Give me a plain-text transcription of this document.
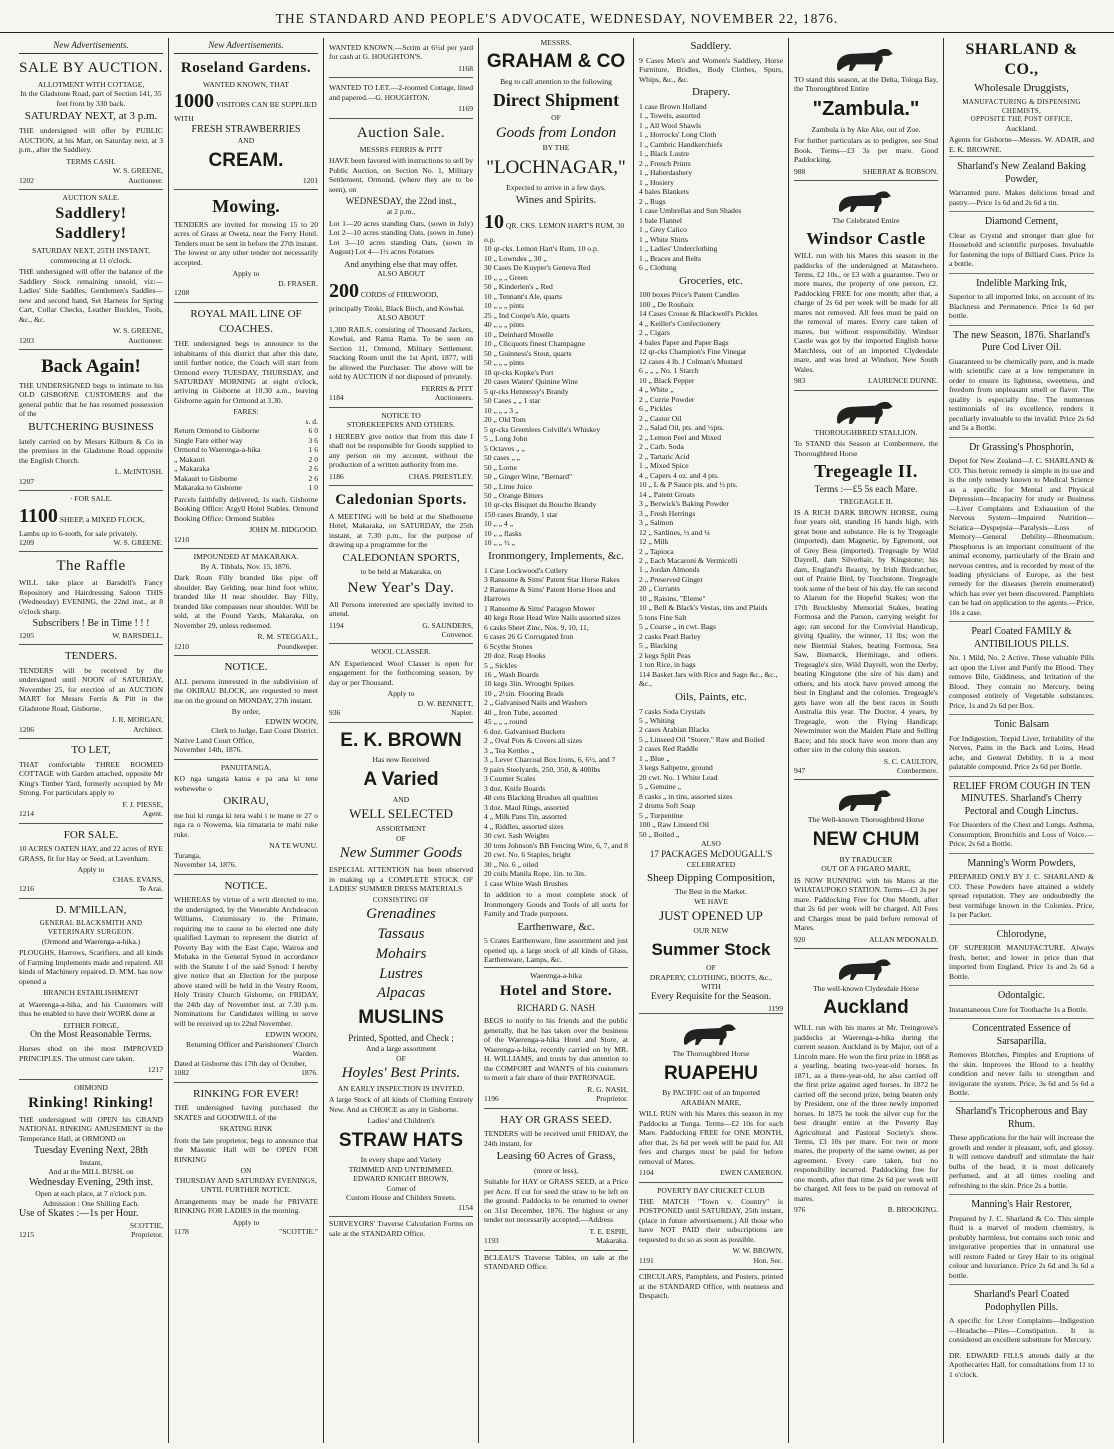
THE STANDARD AND PEOPLE'S ADVOCATE, WEDNESDAY, NOVEMBER 22, 1876.
New Advertisements.
SALE BY AUCTION.
ALLOTMENT WITH COTTAGE,
In the Gladstone Road, part of Section 141, 35 feet front by 330 back.
SATURDAY NEXT, at 3 p.m.

THE undersigned will offer by PUBLIC AUCTION, at his Mart, on Saturday next, at 3 p.m., after the Saddlery.

TERMS CASH.
W. S. GREENE,
1202	Auctioneer.
AUCTION SALE.
Saddlery! Saddlery!
SATURDAY NEXT, 25TH INSTANT,
commencing at 11 o'clock.

THE undersigned will offer the balance of the Saddlery Stock remaining unsold, viz:— Ladies' Side Saddles, Gentlemen's Saddles—new and second hand, Set Harness for Spring Cart, Collar Checks, Leather Buckles, Tools, &c., &c.

W. S. GREENE,
1203	Auctioneer.
Back Again!

THE UNDERSIGNED begs to intimate to his OLD GISBORNE CUSTOMERS and the general public that he has resumed possession of the

BUTCHERING BUSINESS

lately carried on by Messrs Kilburn & Co in the premises in the Gladstone Road opposite the English Church.

L. McINTOSH.
1207
· FOR SALE.
1100 SHEEP, a MIXED FLOCK, Lambs up to 6-tooth, for sale privately.
1209	W. S. GREENE.
The Raffle

WILL take place at Barsdell's Fancy Repository and Hairdressing Saloon THIS (Wednesday) EVENING, the 22nd inst., at 8 o'clock sharp.

Subscribers ! Be in Time ! ! !
1205	W. BARSDELL.
TENDERS.

TENDERS will be received by the undersigned until NOON of SATURDAY, November 25, for erection of an AUCTION MART for Messrs Ferris & Pitt in the Gladstone Road, Gisborne.

J. R. MORGAN,
1206	Architect.
TO LET,

THAT comfortable THREE ROOMED COTTAGE with Garden attached, opposite Mr King's Timber Yard, formerly occupied by Mr Strong. For particulars apply to

F. J. PIESSE,
1214	Agent.
FOR SALE.

10 ACRES OATEN HAY, and 22 acres of RYE GRASS, fit for Hay or Seed, at Lavenham.

Apply to
CHAS. EVANS,
1216	Te Arai.
D. M'MILLAN,
GENERAL BLACKSMITH AND VETERINARY SURGEON.
(Ormond and Waerenga-a-hika.)

PLOUGHS, Harrows, Scarifiers, and all kinds of Farming Implements made and repaired. All kinds of Machinery repaired. D. M'M. has now opened a

BRANCH ESTABLISHMENT

at Waerenga-a-hika, and his Customers will thus be enabled to have their WORK done at

EITHER FORGE,
On the Most Reasonable Terms.

Horses shod on the most IMPROVED PRINCIPLES. The utmost care taken.

1217
ORMOND
Rinking! Rinking!

THE undersigned will OPEN his GRAND NATIONAL RINKING AMUSEMENT in the Temperance Hall, at ORMOND on

Tuesday Evening Next, 28th
Instant,
And at the MILL BUSH, on
Wednesday Evening, 29th inst.
Open at each place, at 7 o'clock p.m. Admission : One Shilling Each.
Use of Skates :—1s per Hour.
SCOTTIE,
1215	Proprietor.
New Advertisements.
Roseland Gardens.
WANTED KNOWN, THAT
1000 VISITORS CAN BE SUPPLIED WITH
FRESH STRAWBERRIES
AND
CREAM.
1201
Mowing.

TENDERS are invited for mowing 15 to 20 acres of Grass at Oweta, near the Ferry Hotel. Tenders must be sent in before the 27th instant. The lowest or any other tender not necessarily accepted.

Apply to
D. FRASER.
1208
ROYAL MAIL LINE OF
COACHES.

THE undersigned begs to announce to the inhabitants of this district that after this date, until further notice, the Coach will start from Ormond every TUESDAY, THURSDAY, and SATURDAY MORNING at eight o'clock, arriving in Gisborne at 10.30 a.m., leaving Gisborne again for Ormond at 3.30.

FARES:
s. d.
Return Ormond to Gisborne	6 0
Single Fare either way	3 6
Ormond to Waerenga-a-hika	1 6
„ Makauri	2 0
„ Makaraka	2 6
Makauri to Gisborne	2 6
Makaraka to Gisborne	1 0

Parcels faithfully delivered, 1s each. Gisborne Booking Office: Argyll Hotel Stables. Ormond Booking Office: Ormond Stables

JOHN M. BIDGOOD.
1210
IMPOUNDED AT MAKARAKA.
By A. Tibbals, Nov. 15, 1876.

Dark Roan Filly branded like pipe off shoulder. Bay Gelding, near hind foot white, branded like H near shoulder. Bay Filly, branded like compasses near shoulder. Will be sold, at the Pound Yards, Makaraka, on November 29, unless redeemed.

R. M. STEGGALL,
1210	Poundkeeper.
NOTICE.

ALL persons interested in the subdivision of the OKIRAU BLOCK, are requested to meet me on the ground on MONDAY, 27th instant.

By order,
EDWIN WOON,
Clerk to Judge, East Coast District.
Native Land Court Office,
November 14th, 1876.
PANUITANGA.

KO nga tangata katoa e pa ana ki tene wehewehe o

OKIRAU,

me hui ki runga ki tera wahi i te mane te 27 o nga ra o Nowema, kia timataria te mahi ruke ruke.

NA TE WUNU.
Turanga,
November 14, 1876.
NOTICE.

WHEREAS by virtue of a writ directed to me, the undersigned, by the Venerable Archdeacon Williams, Commissary to the Primate, requiring me to cause to be elected one duly qualified Layman to represent the district of Poverty Bay with the East Cape, Wairoa and Mohaka in the General Synod in accordance with the Statute I of the said Synod: I hereby give notice that an Election for the purpose above stated will be held in the Vestry Room, Holy Trinity Church Gisborne, on FRIDAY, the 24th day of November inst. at 7.30 p.m. Nominations for Candidates willing to serve will be received up to 22nd November.

EDWIN WOON,
Returning Officer and Parishioners' Church Warden.
Dated at Gisborne this 17th day of October,
1082	1876.
RINKING FOR EVER!

THE undersigned having purchased the SKATES and GOODWILL of the

SKATING RINK

from the late proprietor, begs to announce that the Masonic Hall will be OPEN FOR RINKING

ON
THURSDAY AND SATURDAY EVENINGS,
UNTIL FURTHER NOTICE.

Arrangements may be made for PRIVATE RINKING FOR LADIES in the morning.

Apply to
1178	"SCOTTIE."

WANTED KNOWN.—Scrim at 6½d per yard for cash at G. HOUGHTON'S.

1168

WANTED TO LET.—2-roomed Cottage, lined and papered.—G. HOUGHTON.

1169
Auction Sale.
MESSRS FERRIS & PITT

HAVE been favored with instructions to sell by Public Auction, on Section No. 1, Military Settlement, Ormond, (where they are to be seen), on

WEDNESDAY, the 22nd inst.,
at 2 p.m.,

Lot 1—20 acres standing Oats, (sown in July) Lot 2—10 acres standing Oats, (sown in June) Lot 3—10 acres standing Oats, (sown in August) Lot 4—1½ acres Potatoes

And anything else that may offer.
ALSO ABOUT
200 CORDS of FIREWOOD, principally Titoki, Black Birch, and Kowhai.
ALSO ABOUT

1,300 RAILS, consisting of Thousand Jackets, Kowhai, and Rama Rama. To be seen on Section 11, Ormond, Military Settlement. Stacking Room until the 1st April, 1877, will be allowed the Purchaser. The above will be sold by AUCTION if not disposed of privately.

FERRIS & PITT
1184	Auctioneers.
NOTICE TO
STOREKEEPERS AND OTHERS.

I HEREBY give notice that from this date I shall not be responsible for Goods supplied to any person on my account, without the production of a written authority from me.

1186	CHAS. PRIESTLEY.
Caledonian Sports.

A MEETING will be held at the Shelbourne Hotel, Makaraka, on SATURDAY, the 25th instant, at 7.30 p.m., for the purpose of drawing up a programme for the

CALEDONIAN SPORTS,
to be held at Makaraka, on
New Year's Day.

All Persons interested are specially invited to attend.

1194	G. SAUNDERS,
Convenor.
WOOL CLASSER.

AN Experienced Wool Classer is open for engagement for the forthcoming season, by day or per Thousand.

Apply to
D. W. BENNETT,
936	Napier.
E. K. BROWN
Has now Received
A Varied
AND
WELL SELECTED
ASSORTMENT
OF
New Summer Goods

ESPECIAL ATTENTION has been observed in making up a COMPLETE STOCK OF LADIES' SUMMER DRESS MATERIALS

CONSISTING OF
Grenadines
Tassaus
Mohairs
Lustres
Alpacas
MUSLINS
Printed, Spotted, and Check ;
And a large assortment
OF
Hoyles' Best Prints.
AN EARLY INSPECTION IS INVITED.

A large Stock of all kinds of Clothing Entirely New. And as CHOICE as any in Gisborne.

Ladies' and Children's
STRAW HATS
In every shape and Variety
TRIMMED AND UNTRIMMED.
EDWARD KNIGHT BROWN,
Corner of
Custom House and Childers Streets.
1154

SURVEYORS' Traverse Calculation Forms on sale at the STANDARD Office.

MESSRS.
GRAHAM & CO
Beg to call attention to the following
Direct Shipment
OF
Goods from London
BY THE
"LOCHNAGAR,"
Expected to arrive in a few days.
Wines and Spirits.
10 QR. CKS. LEMON HART'S RUM, 30 o.p.
10 qr-cks. Lemon Hart's Rum, 10 o.p.
10 „ Lowndes „ 30 „
30 Cases De Kuyper's Geneva Red
10 „ „ „ Green
50 „ Kinderlen's „ Red
10 „ Tennant's Ale, quarts
10 „ „ „ pints
25 „ Ind Coope's Ale, quarts
40 „ „ „ pints
10 „ Deinhard Moselle
10 „ Clicquots finest Champagne
50 „ Guinness's Stout, quarts
50 „ „ „ pints
18 qr-cks Kopke's Port
20 cases Waters' Quinine Wine
5 qr-cks Hennessy's Brandy
50 Cases „ „ 1 star
10 „ „ „ 3 „
20 „ Old Tom
5 qr-cks Greenlees Colville's Whiskey
5 „ Long John
5 Octaves „ „
50 cases „ „
50 „ Lorne
50 „ Ginger Wine, "Bernard"
50 „ Lime Juice
50 „ Orange Bitters
10 qr-cks Bisquet du Bouche Brandy
150 cases Brandy, 1 star
10 „ „ 4 „
10 „ „ flasks
10 „ „ ½ „
Ironmongery, Implements, &c.
1 Case Lockwood's Cutlery
3 Ransome & Sims' Patent Star Horse Rakes
2 Ransome & Sims' Patent Horse Hoes and Harrows
1 Ransome & Sims' Paragon Mower
40 kegs Rose Head Wire Nails assorted sizes
6 casks Sheet Zinc, Nos. 9, 10, 11,
6 cases 26 G Corrugated Iron
6 Scythe Stones
20 doz. Reap Hooks
5 „ Sickles
16 „ Wash Boards
10 kegs 3lin. Wrought Spikes
10 „ 2½in. Flooring Brads
2 „ Galvanised Nails and Washers
40 „ Iron Tube, assorted
45 „ „ „ round
6 doz. Galvanised Buckets
2 „ Oval Pots & Covers all sizes
3 „ Tea Kettles „
3 „ Lever Charcoal Box Irons, 6, 6½, and 7
9 pairs Steelyards, 250, 350, & 400lbs
3 Counter Scales
3 doz. Knife Boards
48 cets Blacking Brushes all qualities
3 doz. Maul Rings, assorted
4 „ Milk Pans Tin, assorted
4 „ Riddles, assorted sizes
30 cwt. Sash Weights
30 tons Johnson's BB Fencing Wire, 6, 7, and 8
20 cwt. No. 6 Staples, bright
30 „ No. 6 „ oiled
20 coils Manila Rope, 1in. to 3in.
1 case White Wash Brushes

In addition to a most complete stock of Ironmongery Goods and Tools of all sorts for Family and Trade purposes.

Earthenware, &c.

5 Crates Earthenware, fine assortment and just opened up, a large stock of all kinds of Glass, Earthenware, Lamps, &c.

Waerenga-a-hika
Hotel and Store.
RICHARD G. NASH

BEGS to notify to his friends and the public generally, that he has taken over the business of the Waerenga-a-hika Hotel and Store, at Waerenga-a-hika, recently carried on by MR. H. WILLIAMS, and trusts by due attention to the COMFORT and WANTS of his customers to merit a fair share of their PATRONAGE.

R. G. NASH,
1196	Proprietor.
HAY OR GRASS SEED.

TENDERS will be received until FRIDAY, the 24th instant, for

Leasing 60 Acres of Grass,
(more or less),

Suitable for HAY or GRASS SEED, at a Price per Acre. If cut for seed the straw to be left on the ground. Paddocks to be returned to owner on 31st December, 1876. The highest or any tender not necessarily accepted.—Address

T. E. ESPIE,
1193	Makaraka.

BCLEAU'S Traverse Tables, on sale at the STANDARD Office.

Saddlery.

9 Cases Men's and Women's Saddlery, Horse Furniture, Bridles, Body Clothes, Spurs, Whips, &c., &c.

Drapery.
1 case Brown Holland
1 „ Towels, assorted
1 „ All Wool Shawls
1 „ Horrocks' Long Cloth
1 „ Cambric Handkerchiefs
1 „ Black Lustre
2 „ French Prints
1 „ Haberdashery
1 „ Hosiery
4 bales Blankets
2 „ Rugs
1 case Umbrellas and Sun Shades
1 bale Flannel
1 „ Grey Calico
1 „ White Shirts
1 „ Ladies' Underclothing
1 „ Braces and Belts
6 „ Clothing
Groceries, etc.
100 boxes Price's Patent Candles
100 „ De Roubaix
14 Cases Crosse & Blackwell's Pickles
4 „ Keiller's Confectionery
2 „ Cigars
4 bales Paper and Paper Bags
12 qr-cks Champion's Fine Vinegar
12 cases 4 lb. J Colman's Mustard
6 „ „ „ No. 1 Starch
10 „ Black Pepper
4 „ White „
2 „ Currie Powder
6 „ Pickles
2 „ Castor Oil
2 „ Salad Oil, pts. and ½pts.
2 „ Lemon Peel and Mixed
2 „ Carb. Soda
2 „ Tartaric Acid
1 „ Mixed Spice
4 „ Capers 4 oz. and 4 pts.
10 „ L & P Sauce pts. and ½ pts.
14 „ Patent Groats
3 „ Berwick's Baking Powder
3 „ Fresh Herrings
3 „ Salmon
12 „ Sardines, ½ and ¼
12 „ Milk
2 „ Tapioca
2 „ Each Macaroni & Vermicelli
1 „ Jordan Almonds
2 „ Preserved Ginger
20 „ Currants
10 „ Raisins, "Eleme"
10 „ Bell & Black's Vestas, tins and Plaids
5 tons Fine Salt
5 „ Coarse „ in cwt. Bags
2 casks Pearl Barley
5 „ Blacking
2 kegs Split Peas
1 ton Rice, in bags
114 Basket Jars with Rice and Sago &c., &c., &c.,
Oils, Paints, etc.
7 casks Soda Crystals
5 „ Whiting
2 cases Arabian Blacks
5 „ Linseed Oil "Storer," Raw and Boiled
2 cases Red Raddle
1 „ Blue „
3 kegs Saltpetre, ground
20 cwt. No. 1 White Lead
5 „ Genuine „
8 casks „ in tins, assorted sizes
2 drums Soft Soap
5 „ Turpentine
100 „ Raw Linseed Oil
50 „ Boiled „
ALSO
17 PACKAGES McDOUGALL'S
CELEBRATED
Sheep Dipping Composition,
The Best in the Market.
WE HAVE
JUST OPENED UP
OUR NEW
Summer Stock
OF
DRAPERY, CLOTHING, BOOTS, &c.,
WITH
Every Requisite for the Season.
1199
The Thoroughbred Horse
RUAPEHU
By PACIFIC out of an Imported
ARABIAN MARE,

WILL RUN with his Mares this season in my Paddocks at Tunga. Terms—£2 10s for each Mare. Paddocking FREE for ONE MONTH, after that, 2s 6d per week will be paid for. All fees and charges must be paid for before removal of Mares.

1104	EWEN CAMERON.
POVERTY BAY CRICKET CLUB

THE MATCH "Town v. Country" is POSTPONED until SATURDAY, 25th instant, (place in future advertisement.) All those who have NOT PAID their subscriptions are requested to do so as soon as possible.

W. W. BROWN,
1191	Hon. Sec.

CIRCULARS, Pamphlets, and Posters, printed at the STANDARD Office, with neatness and Despatch.

TO stand this season, at the Delta, Tologa Bay, the Thoroughbred Entire

"Zambula."
Zambula is by Ake Ake, out of Zoe.

For further particulars as to pedigree, see Stud Book. Terms—£3 3s per mare. Good Paddocking.

988	SHERRAT & ROBSON.
The Celebrated Entire
Windsor Castle

WILL run with his Mares this season in the paddocks of the undersigned at Matawhero. Terms, £2 10s., or £3 with a guarantee. Two or more mares, the property of one person, £2. Paddocking FREE for one month; after that, a charge of 2s 6d per week will be made for all mares not removed. All fees must be paid on the removal of mares. Every care taken of mares, but without responsibility. Windsor Castle was got by the imported English horse Matchless, out of an imported Clydesdale mare, and was bred at Windsor, New South Wales.

983	LAURENCE DUNNE.
THOROUGHBRED STALLION.

To STAND this Season at Combermere, the Thoroughbred Horse

Tregeagle II.
Terms :—£5 5s each Mare.
TREGEAGLE II.

IS A RICH DARK BROWN HORSE, rising four years old, standing 16 hands high, with great bone and substance. He is by Tregeagle (imported), dam Magnetic, by Egremont, out of Grey Bess (imported). Tregeagle by Wild Dayrell, dam Silverhair, by Kingstone; his dam, England's Beauty, by Irish Birdcatcher, out of Prairie Bird, by Touchstone. Tregeagle took some of the best of his day. He ran second to Alarum for the Hopeful Stakes; won the 17th Brocklesby Memorial Stakes, beating Formosa and the Parson, carrying weight for age; ran second for the Convivial Handicap, giving Quality, the winner, 11 lbs; won the new Biennial Stakes, beating Formosa, Sea Saw, Bismarck, Hermitage, and others. Tregeagle's sire, Wild Dayrell, won the Derby, beating Kingstone (the sire of his dam) and others, and his stock have proved among the best in England and the colonies. Tregeagle's gets have won all the best races in South Australia this year. The Doctor, 4 years, by Tregeagle, won the Flying Handicap; Newminster won the Maiden Plate and Selling Race; and his stock have won more than any other sire in the colony this season.

S. C. CAULTON,
947	Combermere.
The Well-known Thoroughbred Horse
NEW CHUM
BY TRADUCER
OUT OF A FIGARO MARE,

IS NOW RUNNING with his Mares at the WHATAUPOKO STATION. Terms—£3 3s per mare. Paddocking Free for One Month, after that 2s 6d per week will be charged. All Fees and Charges must be paid before removal of Mares.

920	ALLAN M'DONALD.
The well-known Clydesdale Horse
Auckland

WILL run with his mares at Mr. Treingrove's paddocks at Waerenga-a-hika during the current season. Auckland is by Major, out of a Lincoln mare. He won the first prize in 1868 as a yearling, beating two-year-old horses. In 1871, as a three-year-old, he also carried off the first prize against aged horses. In 1872 he carried off the second prize, being beaten only by President, one of the three newly imported horses. In 1875 he took the silver cup for the best draught entire at the Poverty Bay Agricultural and Pastoral Society's show. Terms, £3 10s per mare. For two or more mares, the property of the same owner, as per agreement. Every care taken, but no responsibility incurred. Paddocking free for one month, after that time 2s 6d per week will be charged. All fees to be paid on removal of mares.

976	B. BROOKING.
SHARLAND & CO.,
Wholesale Druggists,
MANUFACTURING & DISPENSING CHEMISTS,
OPPOSITE THE POST OFFICE,
Auckland.

Agents for Gisborne—Messrs. W. ADAIR, and E. K. BROWNE.

Sharland's New Zealand Baking Powder,

Warranted pure. Makes delicious bread and pastry.—Price 1s 6d and 2s 6d a tin.

Diamond Cement,

Clear as Crystal and stronger than glue for Household and scientific purposes. Invaluable for fastening the tops of Billiard Cues. Price 1s a bottle.

Indelible Marking Ink,

Superior to all imported Inks, on account of its Blackness and Permanence. Price 1s 6d per bottle.

The new Season, 1876. Sharland's Pure Cod Liver Oil.

Guaranteed to be chemically pure, and is made with scientific care at a low temperature in order to ensure its lightness, sweetness, and freedom from unpleasant smell or flavor. The quality is especially fine. The numerous testimonials of its excellence, renders it peculiarly invaluable to the invalid. Price 2s 6d and 5s a Bottle.

Dr Grassing's Phosphorin,

Depot for New Zealand—J. C. SHARLAND & CO. This heroic remedy is simple in its use and is the only remedy known to Medical Science as a specific for Mental and Physical Depression—Incapacity for study or Business—Liver Complaints and Exhaustion of the Nervous System—Impaired Nutrition—Sciatica—Dyspepsia—Paralysis—Loss of Memory—General Debility—Rheumatism. Phosphorus is an important constituent of the animal economy, particularly of the Brain and nervous centres, and is recorded by most of the leading physicians of Europe, as the best remedy for the diseases (herein enumerated) which has ever yet been discovered. Pamphlets can be had on application to the agents.—Price, 10s a case.

Pearl Coated FAMILY & ANTIBILIOUS PILLS.

No. 1 Mild, No. 2 Active. These valuable Pills act upon the Liver and Purify the Blood. They remove Bile, Giddiness, and Irritation of the Blood. They contain no Mercury, being composed entirely of Vegetable substances. Price, 1s and 2s 6d per Box.

Tonic Balsam

For Indigestion, Torpid Liver, Irritability of the Nerves, Pains in the Back and Loins, Head ache, and General Debility. It is a most palatable compound. Price 2s 6d per Bottle.

RELIEF FROM COUGH IN TEN MINUTES. Sharland's Cherry Pectoral and Cough Linctus.

For Disorders of the Chest and Lungs. Asthma, Consumption, Bronchitis and Loss of Voice.—Price, 2s 6d a Bottle.

Manning's Worm Powders,

PREPARED ONLY BY J. C. SHARLAND & CO. These Powders have attained a widely spread reputation. They are undoubtedly the best vermifuge known in the Colonies. Price, 1s per Packet.

Chlorodyne,

OF SUPERIOR MANUFACTURE. Always fresh, better, and lower in price than that imported from England. Price 1s and 2s 6d a Bottle.

Odontalgic.

Instantaneous Cure for Toothache 1s a Bottle.

Concentrated Essence of Sarsaparilla.

Removes Blotches, Pimples and Eruptions of the skin. Improves the Blood to a healthy condition and never fails to strengthen and invigorate the system. Price, 3s 6d and 5s 6d a Bottle.

Sharland's Tricopherous and Bay Rhum.

These applications for the hair will increase the growth and render it pleasant, soft, and glossy. It will remove dandruff and stimulate the hair bulbs of the head, it is most delicately perfumed, and at all times cooling and refreshing to the skin. Price 2s a bottle.

Manning's Hair Restorer,

Prepared by J. C. Sharland & Co. This simple fluid is a marvel of modern chemistry, is probably harmless, but contains such tonic and invigorative properties that in unnatural use will restore Faded or Grey Hair to its original colour and luxuriance. Price 2s 6d and 3s 6d a bottle.

Sharland's Pearl Coated Podophyllen Pills.

A specific for Liver Complaints—Indigestion—Headache—Piles—Constipation. It is considered an excellent substitute for Mercury.

DR. EDWARD FILLS attends daily at the Apothecaries Hall, for consultations from 11 to 1 o'clock.
